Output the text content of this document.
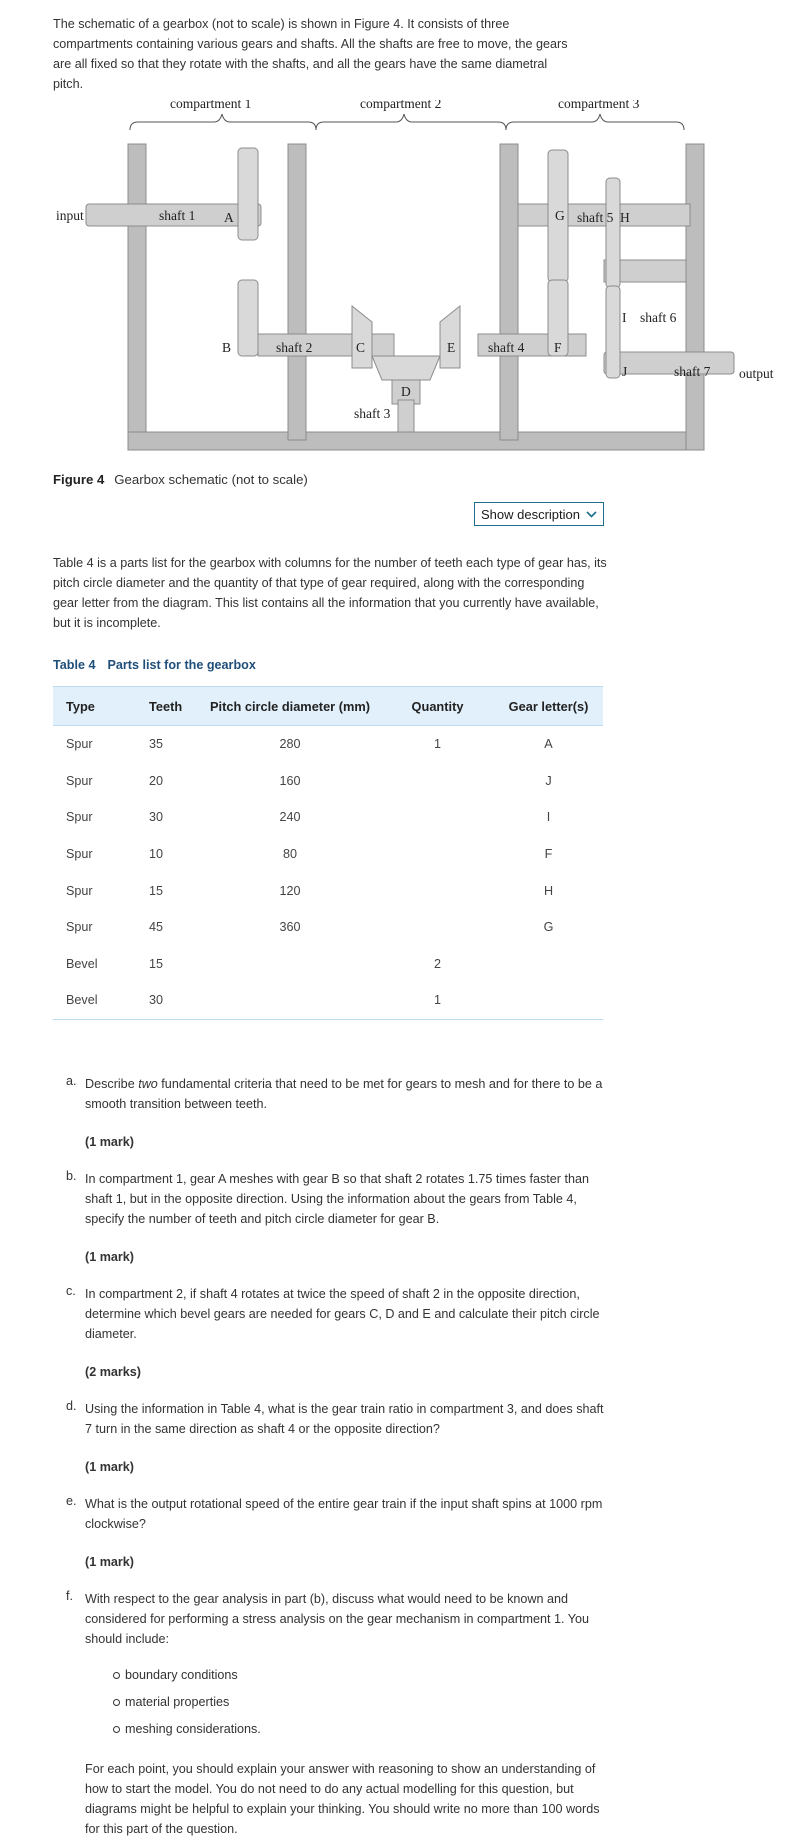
The schematic of a gearbox (not to scale) is shown in Figure 4. It consists of three compartments containing various gears and shafts. All the shafts are free to move, the gears are all fixed so that they rotate with the shafts, and all the gears have the same diametral pitch.

compartment 1	compartment 2	compartment 3
input
output
shaft 1
shaft 2
shaft 3
shaft 4
shaft 5
shaft 6
shaft 7
A
B	C
D
E	F
G	H
I
J
Figure 4 Gearbox schematic (not to scale)
Show description

Table 4 is a parts list for the gearbox with columns for the number of teeth each type of gear has, its pitch circle diameter and the quantity of that type of gear required, along with the corresponding gear letter from the diagram. This list contains all the information that you currently have available, but it is incomplete.

Table 4 Parts list for the gearbox
Type	Teeth	Pitch circle diameter (mm)	Quantity	Gear letter(s)
Spur	35	280	1	A
Spur	20	160		J
Spur	30	240		I
Spur	10	80		F
Spur	15	120		H
Spur	45	360		G
Bevel	15		2	
Bevel	30		1	
a. Describe two fundamental criteria that need to be met for gears to mesh and for there to be a smooth transition between teeth.

(1 mark)

b. In compartment 1, gear A meshes with gear B so that shaft 2 rotates 1.75 times faster than shaft 1, but in the opposite direction. Using the information about the gears from Table 4, specify the number of teeth and pitch circle diameter for gear B.

(1 mark)

c. In compartment 2, if shaft 4 rotates at twice the speed of shaft 2 in the opposite direction, determine which bevel gears are needed for gears C, D and E and calculate their pitch circle diameter.

(2 marks)

d. Using the information in Table 4, what is the gear train ratio in compartment 3, and does shaft 7 turn in the same direction as shaft 4 or the opposite direction?

(1 mark)

e. What is the output rotational speed of the entire gear train if the input shaft spins at 1000 rpm clockwise?

(1 mark)

f. With respect to the gear analysis in part (b), discuss what would need to be known and considered for performing a stress analysis on the gear mechanism in compartment 1. You should include:

boundary conditions
material properties
meshing considerations.

For each point, you should explain your answer with reasoning to show an understanding of how to start the model. You do not need to do any actual modelling for this question, but diagrams might be helpful to explain your thinking. You should write no more than 100 words for this part of the question.
